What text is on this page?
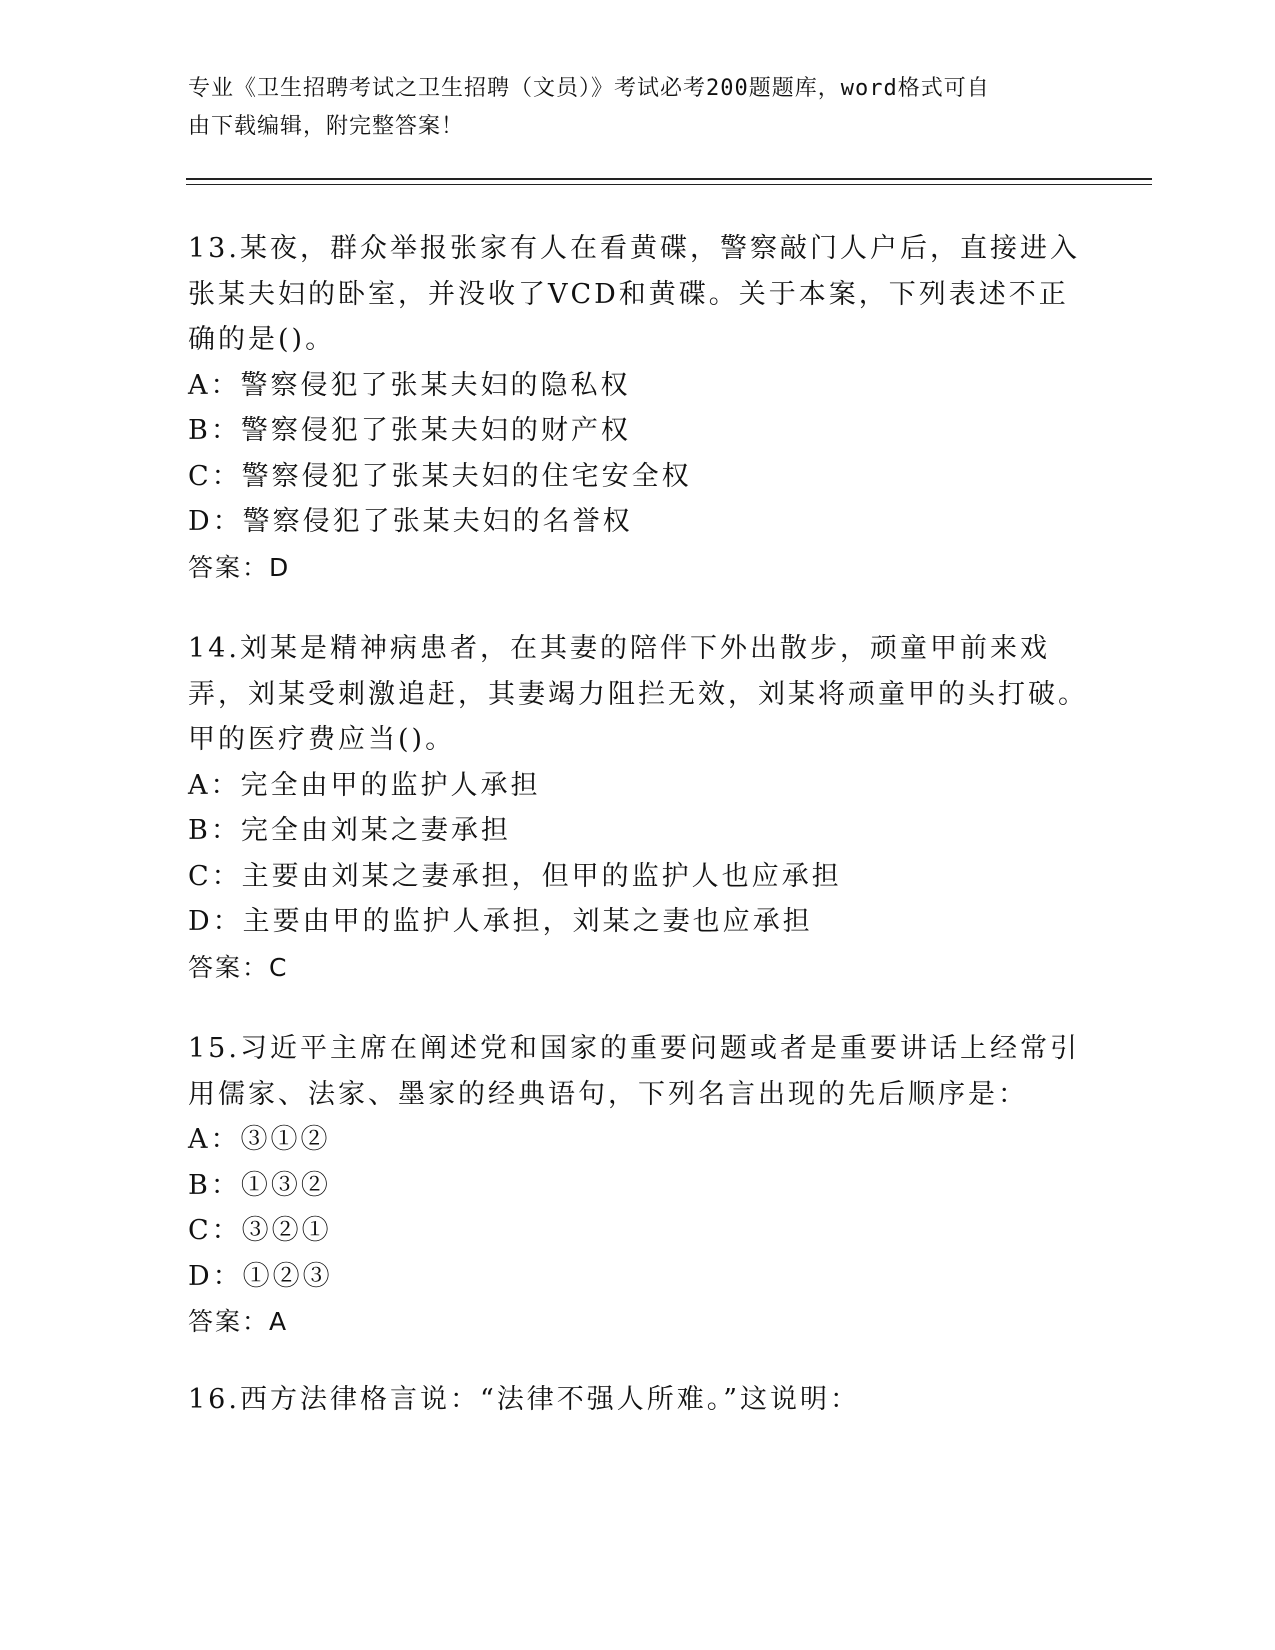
专业《卫生招聘考试之卫生招聘（文员）》考试必考200题题库，word格式可自
由下载编辑，附完整答案！

13.某夜，群众举报张家有人在看黄碟，警察敲门人户后，直接进入张某夫妇的卧室，并没收了VCD和黄碟。关于本案，下列表述不正确的是()。

A：警察侵犯了张某夫妇的隐私权

B：警察侵犯了张某夫妇的财产权

C：警察侵犯了张某夫妇的住宅安全权

D：警察侵犯了张某夫妇的名誉权

答案：D

14.刘某是精神病患者，在其妻的陪伴下外出散步，顽童甲前来戏弄，刘某受刺激追赶，其妻竭力阻拦无效，刘某将顽童甲的头打破。甲的医疗费应当()。

A：完全由甲的监护人承担

B：完全由刘某之妻承担

C：主要由刘某之妻承担，但甲的监护人也应承担

D：主要由甲的监护人承担，刘某之妻也应承担

答案：C

15.习近平主席在阐述党和国家的重要问题或者是重要讲话上经常引用儒家、法家、墨家的经典语句，下列名言出现的先后顺序是：

A：③①②

B：①③②

C：③②①

D：①②③

答案：A

16.西方法律格言说：“法律不强人所难。”这说明：
